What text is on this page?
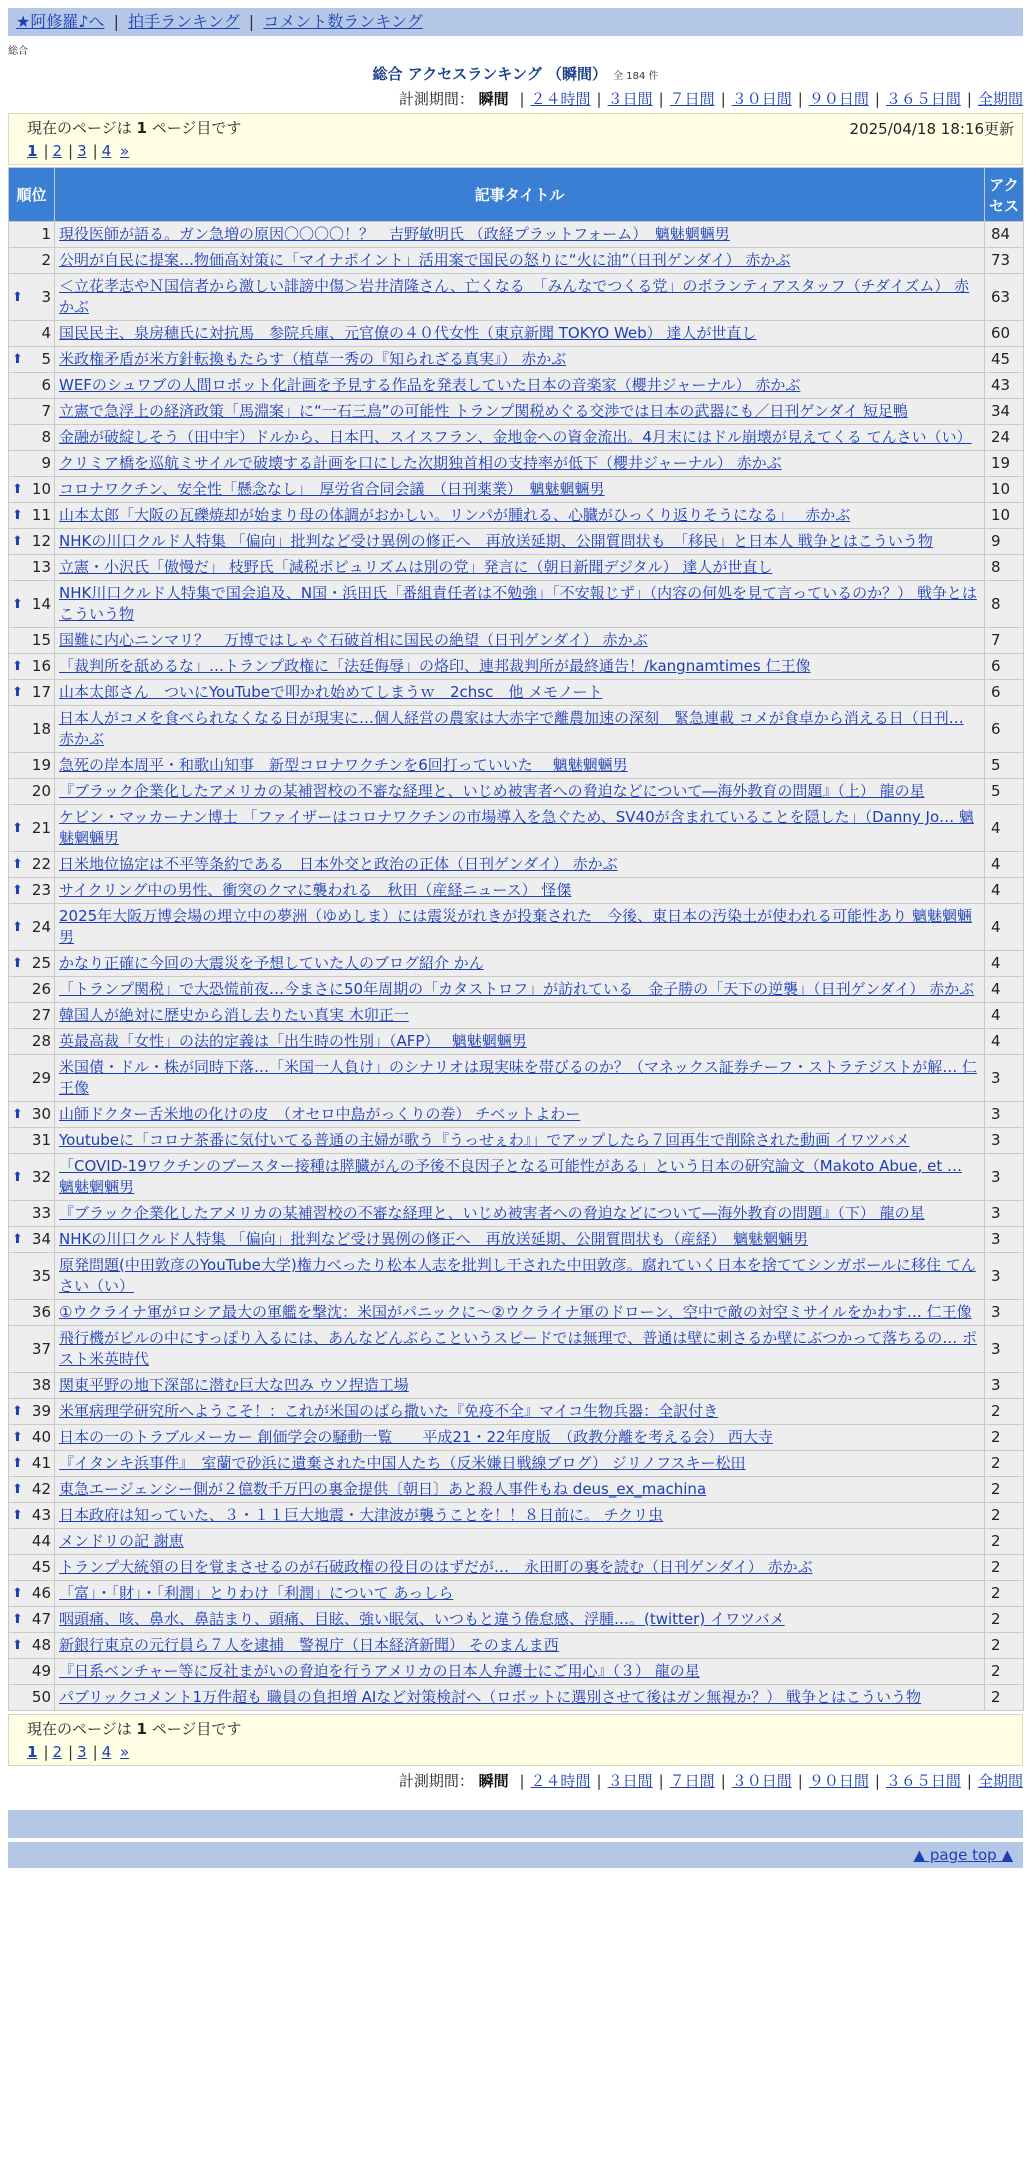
★阿修羅♪へ | 拍手ランキング | コメント数ランキング
総合
総合 アクセスランキング （瞬間） 全 184 件
計測期間： 瞬間 | ２４時間 | ３日間 | ７日間 | ３０日間 | ９０日間 | ３６５日間 | 全期間
現在のページは 1 ページ目です	2025/04/18 18:16更新
1 | 2 | 3 | 4 »
順位	記事タイトル	アクセス
1	現役医師が語る。ガン急増の原因〇〇〇〇！？　吉野敏明氏 （政経プラットフォーム）　魑魅魍魎男	84
2	公明が自民に提案…物価高対策に「マイナポイント」活用案で国民の怒りに“火に油”（日刊ゲンダイ） 赤かぶ	73

⬆ 3	＜立花孝志やＮ国信者から激しい誹謗中傷＞岩井清隆さん、亡くなる　「みんなでつくる党」のボランティアスタッフ（チダイズム） 赤かぶ	63
4	国民民主、泉房穂氏に対抗馬　参院兵庫、元官僚の４０代女性（東京新聞 TOKYO Web） 達人が世直し	60

⬆ 5	米政権矛盾が米方針転換もたらす（植草一秀の『知られざる真実』） 赤かぶ	45
6	WEFのシュワブの人間ロボット化計画を予見する作品を発表していた日本の音楽家（櫻井ジャーナル） 赤かぶ	43
7	立憲で急浮上の経済政策「馬淵案」に“一石三鳥”の可能性 トランプ関税めぐる交渉では日本の武器にも／日刊ゲンダイ 短足鴨	34
8	金融が破綻しそう（田中宇）ドルから、日本円、スイスフラン、金地金への資金流出。4月末にはドル崩壊が見えてくる てんさい（い）	24
9	クリミア橋を巡航ミサイルで破壊する計画を口にした次期独首相の支持率が低下（櫻井ジャーナル） 赤かぶ	19

⬆ 10	コロナワクチン、安全性「懸念なし」　厚労省合同会議　（日刊薬業）　魑魅魍魎男	10

⬆ 11	山本太郎「大阪の瓦礫焼却が始まり母の体調がおかしい。リンパが腫れる、心臓がひっくり返りそうになる」　 赤かぶ	10

⬆ 12	NHKの川口クルド人特集 「偏向」批判など受け異例の修正へ　再放送延期、公開質問状も　「移民」と日本人 戦争とはこういう物	9
13	立憲・小沢氏「傲慢だ」 枝野氏「減税ポピュリズムは別の党」発言に（朝日新聞デジタル） 達人が世直し	8

⬆ 14	NHK川口クルド人特集で国会追及、N国・浜田氏「番組責任者は不勉強」「不安報じず」（内容の何処を見て言っているのか？） 戦争とはこういう物	8
15	国難に内心ニンマリ？　万博ではしゃぐ石破首相に国民の絶望（日刊ゲンダイ） 赤かぶ	7

⬆ 16	「裁判所を舐めるな」…トランプ政権に「法廷侮辱」の烙印、連邦裁判所が最終通告！/kangnamtimes 仁王像	6

⬆ 17	山本太郎さん　ついにYouTubeで叩かれ始めてしまうｗ　2chsc　他 メモノート	6
18	日本人がコメを食べられなくなる日が現実に…個人経営の農家は大赤字で離農加速の深刻　緊急連載 コメが食卓から消える日（日刊… 赤かぶ	6
19	急死の岸本周平・和歌山知事　新型コロナワクチンを6回打っていいた　 魑魅魍魎男	5
20	『ブラック企業化したアメリカの某補習校の不審な経理と、いじめ被害者への脅迫などについて―海外教育の問題』（上） 龍の星	5

⬆ 21	ケビン・マッカーナン博士 「ファイザーはコロナワクチンの市場導入を急ぐため、SV40が含まれていることを隠した」（Danny Jo… 魑魅魍魎男	4

⬆ 22	日米地位協定は不平等条約である　日本外交と政治の正体（日刊ゲンダイ） 赤かぶ	4

⬆ 23	サイクリング中の男性、衝突のクマに襲われる　秋田（産経ニュース） 怪傑	4

⬆ 24	2025年大阪万博会場の埋立中の夢洲（ゆめしま）には震災がれきが投棄された　今後、東日本の汚染土が使われる可能性あり 魑魅魍魎男	4

⬆ 25	かなり正確に今回の大震災を予想していた人のブログ紹介 かん	4
26	「トランプ関税」で大恐慌前夜…今まさに50年周期の「カタストロフ」が訪れている　金子勝の「天下の逆襲」（日刊ゲンダイ） 赤かぶ	4
27	韓国人が絶対に歴史から消し去りたい真実 木卯正一	4
28	英最高裁「女性」の法的定義は「出生時の性別」（AFP）　 魑魅魍魎男	4
29	米国債・ドル・株が同時下落…「米国一人負け」のシナリオは現実味を帯びるのか？（マネックス証券チーフ・ストラテジストが解… 仁王像	3

⬆ 30	山師ドクター舌米地の化けの皮　（オセロ中島がっくりの巻） チベットよわー	3
31	Youtubeに「コロナ茶番に気付いてる普通の主婦が歌う『うっせぇわ』」でアップしたら７回再生で削除された動画 イワツバメ	3

⬆ 32	「COVID-19ワクチンのブースター接種は膵臓がんの予後不良因子となる可能性がある」という日本の研究論文（Makoto Abue, et … 魑魅魍魎男	3
33	『ブラック企業化したアメリカの某補習校の不審な経理と、いじめ被害者への脅迫などについて―海外教育の問題』（下） 龍の星	3

⬆ 34	NHKの川口クルド人特集 「偏向」批判など受け異例の修正へ　再放送延期、公開質問状も（産経）　魑魅魍魎男	3
35	原発問題(中田敦彦のYouTube大学)権力べったり松本人志を批判し干された中田敦彦。腐れていく日本を捨ててシンガポールに移住 てんさい（い）	3
36	①ウクライナ軍がロシア最大の軍艦を撃沈：米国がパニックに～②ウクライナ軍のドローン、空中で敵の対空ミサイルをかわす… 仁王像	3
37	飛行機がビルの中にすっぽり入るには、あんなどんぶらこというスピードでは無理で、普通は壁に刺さるか壁にぶつかって落ちるの… ポスト米英時代	3
38	関東平野の地下深部に潜む巨大な凹み ウソ捏造工場	3

⬆ 39	米軍病理学研究所へようこそ！：これが米国のばら撒いた『免疫不全』マイコ生物兵器：全訳付き	2

⬆ 40	日本の一のトラブルメーカー 創価学会の騒動一覧　　平成21・22年度版　（政教分離を考える会） 西大寺	2

⬆ 41	『イタンキ浜事件』　室蘭で砂浜に遺棄された中国人たち（反米嫌日戦線ブログ） ジリノフスキー松田	2

⬆ 42	東急エージェンシー側が２億数千万円の裏金提供〔朝日〕あと殺人事件もね deus_ex_machina	2

⬆ 43	日本政府は知っていた、３・１１巨大地震・大津波が襲うことを！！８日前に。 チクリ虫	2
44	メンドリの記 謝恵	2
45	トランプ大統領の目を覚まさせるのが石破政権の役目のはずだが…　永田町の裏を読む（日刊ゲンダイ） 赤かぶ	2

⬆ 46	「富」・「財」・「利潤」とりわけ「利潤」について あっしら	2

⬆ 47	咽頭痛、咳、鼻水、鼻詰まり、頭痛、目眩、強い眠気、いつもと違う倦怠感、浮腫…。(twitter) イワツバメ	2

⬆ 48	新銀行東京の元行員ら７人を逮捕　警視庁（日本経済新聞） そのまんま西	2
49	『日系ベンチャー等に反社まがいの脅迫を行うアメリカの日本人弁護士にご用心』（３） 龍の星	2
50	パブリックコメント1万件超も 職員の負担増 AIなど対策検討へ（ロボットに選別させて後はガン無視か？） 戦争とはこういう物	2
現在のページは 1 ページ目です
1 | 2 | 3 | 4 »
計測期間： 瞬間 | ２４時間 | ３日間 | ７日間 | ３０日間 | ９０日間 | ３６５日間 | 全期間
▲ page top ▲
